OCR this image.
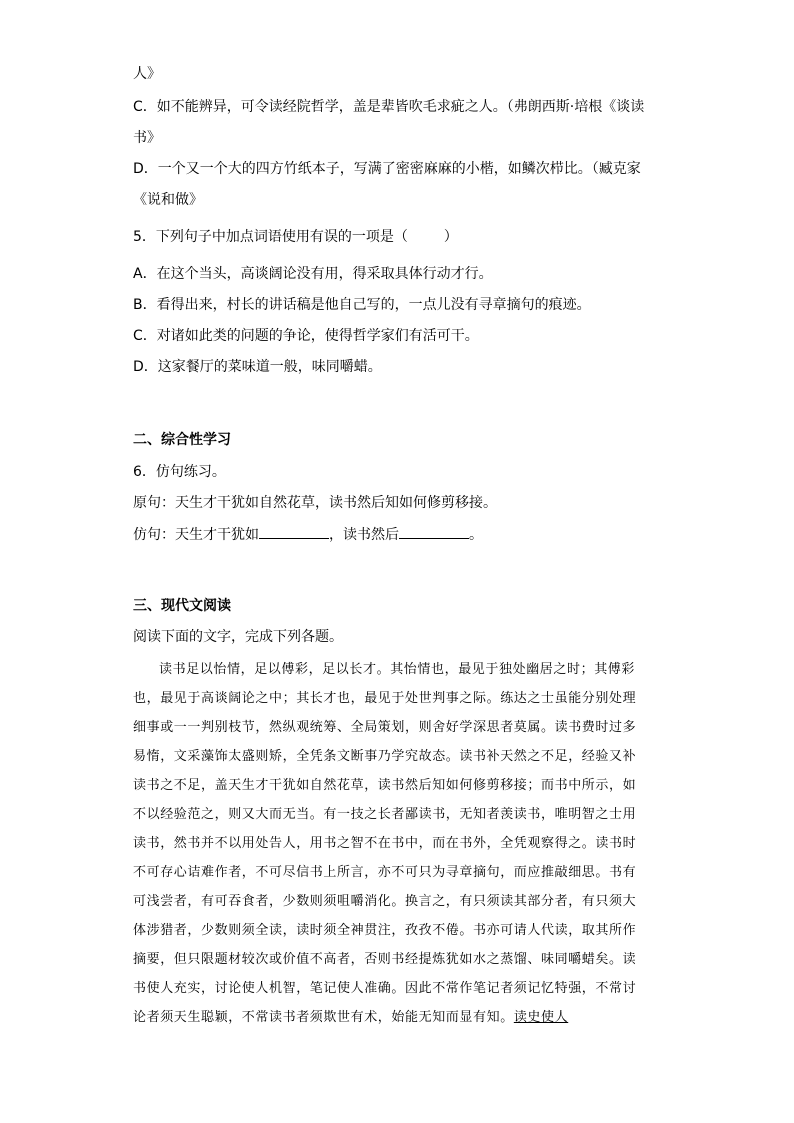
人》
C．如不能辨异，可令读经院哲学，盖是辈皆吹毛求疵之人。（弗朗西斯·培根《谈读
书》
D．一个又一个大的四方竹纸本子，写满了密密麻麻的小楷，如鳞次栉比。（臧克家
《说和做》
5．下列句子中加点词语使用有误的一项是（	）
A．在这个当头，高谈阔论没有用，得采取具体行动才行。
B．看得出来，村长的讲话稿是他自己写的，一点儿没有寻章摘句的痕迹。
C．对诸如此类的问题的争论，使得哲学家们有活可干。
D．这家餐厅的菜味道一般，味同嚼蜡。
二、综合性学习
6．仿句练习。
原句：天生才干犹如自然花草，读书然后知如何修剪移接。
仿句：天生才干犹如	，读书然后	。
三、现代文阅读
阅读下面的文字，完成下列各题。
读书足以怡情，足以傅彩，足以长才。其怡情也，最见于独处幽居之时；其傅彩
也，最见于高谈阔论之中；其长才也，最见于处世判事之际。练达之士虽能分别处理
细事或一一判别枝节，然纵观统筹、全局策划，则舍好学深思者莫属。读书费时过多
易惰，文采藻饰太盛则矫，全凭条文断事乃学究故态。读书补天然之不足，经验又补
读书之不足，盖天生才干犹如自然花草，读书然后知如何修剪移接；而书中所示，如
不以经验范之，则又大而无当。有一技之长者鄙读书，无知者羡读书，唯明智之士用
读书，然书并不以用处告人，用书之智不在书中，而在书外，全凭观察得之。读书时
不可存心诘难作者，不可尽信书上所言，亦不可只为寻章摘句，而应推敲细思。书有
可浅尝者，有可吞食者，少数则须咀嚼消化。换言之，有只须读其部分者，有只须大
体涉猎者，少数则须全读，读时须全神贯注，孜孜不倦。书亦可请人代读，取其所作
摘要，但只限题材较次或价值不高者，否则书经提炼犹如水之蒸馏、味同嚼蜡矣。读
书使人充实，讨论使人机智，笔记使人准确。因此不常作笔记者须记忆特强，不常讨
论者须天生聪颖，不常读书者须欺世有术，始能无知而显有知。读史使人
